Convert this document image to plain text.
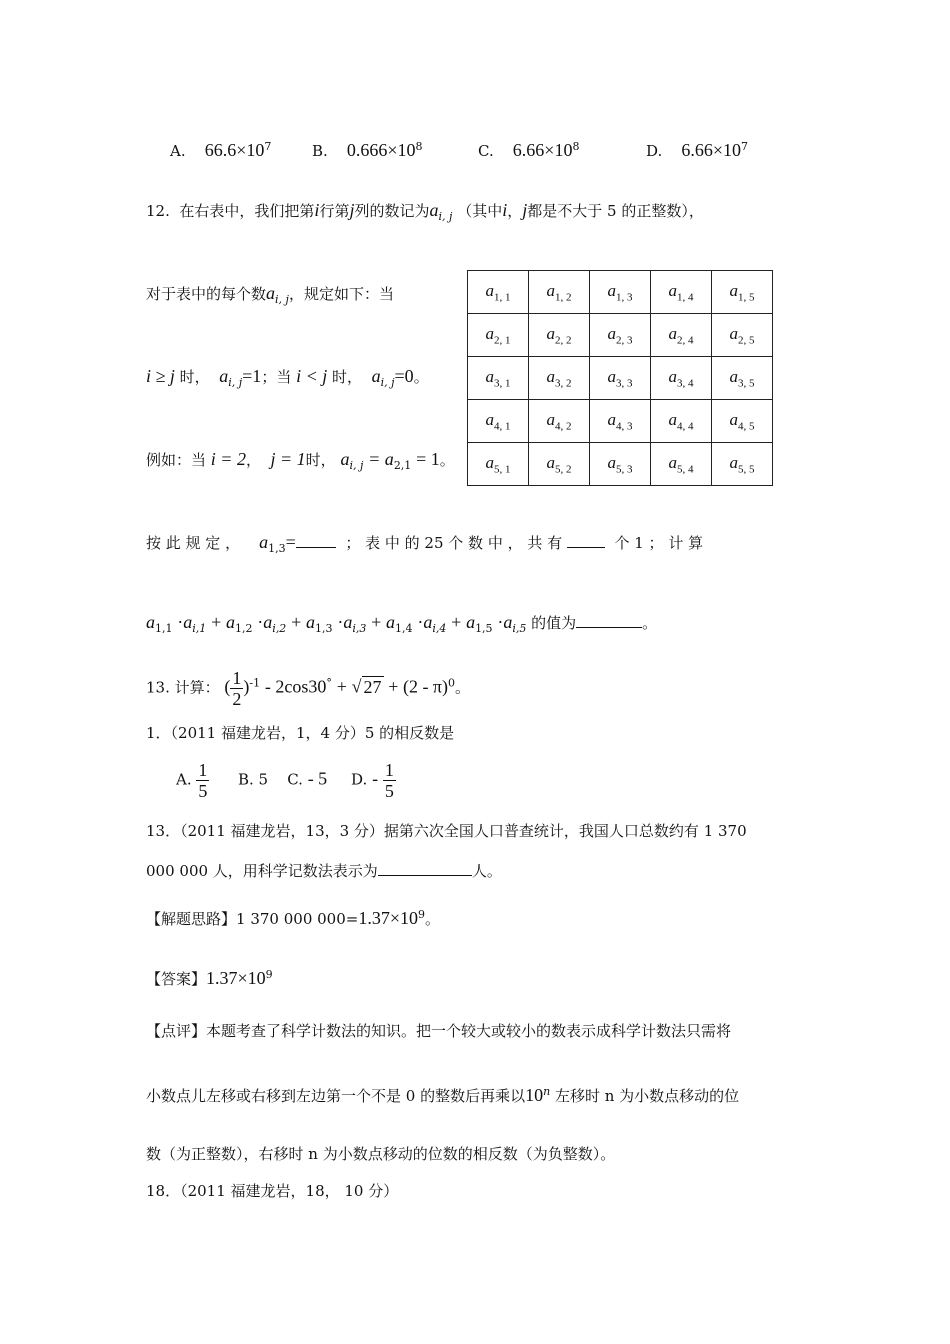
A. $66.6\times 10^7$	B. $0.666\times 10^8$	C. $6.66\times 10^8$	D. $6.66\times 10^7$
12. 在右表中，我们把第i行第j列的数记为$a_{i, j}$ （其中i，j都是不大于 5 的正整数），
对于表中的每个数$a_{i, j}$，规定如下：当
i ≥ j 时， $a_{i, j}=1$；当 i < j 时， $a_{i, j}=0$。
例如：当 i = 2，  j = 1时， $a_{i, j} = a_{2,1} = 1$。
$a_{1, 1}$	$a_{1, 2}$	$a_{1, 3}$	$a_{1, 4}$	$a_{1, 5}$
$a_{2, 1}$	$a_{2, 2}$	$a_{2, 3}$	$a_{2, 4}$	$a_{2, 5}$
$a_{3, 1}$	$a_{3, 2}$	$a_{3, 3}$	$a_{3, 4}$	$a_{3, 5}$
$a_{4, 1}$	$a_{4, 2}$	$a_{4, 3}$	$a_{4, 4}$	$a_{4, 5}$
$a_{5, 1}$	$a_{5, 2}$	$a_{5, 3}$	$a_{5, 4}$	$a_{5, 5}$
按 此 规 定 ， $a_{1,3}=$	； 表 中 的 25 个 数 中 ， 共 有	个 1 ； 计 算
$a_{1,1} \cdot a_{i,1} + a_{1,2} \cdot a_{i,2} + a_{1,3} \cdot a_{i,3} + a_{1,4} \cdot a_{i,4} + a_{1,5} \cdot a_{i,5}$ 的值为	。
13. 计算： ( $\frac{1}{2} )^{-1} - 2\cos 30^\circ$ + √ 27 + (2 - π)$^0$。
1．（2011 福建龙岩，1，4 分）5 的相反数是
A. $\frac{1}{5} B$. 5 C. - 5 D. - $\frac{1}{5}$
13．（2011 福建龙岩，13，3 分）据第六次全国人口普查统计，我国人口总数约有 1 370
000 000 人，用科学记数法表示为	人。
【解题思路】1 370 000 $000=1.37\times 10^9$。
【答案】$1.37\times 10^9$
【点评】本题考查了科学计数法的知识。把一个较大或较小的数表示成科学计数法只需将
小数点儿左移或右移到左边第一个不是 0 的整数后再乘以10$^n$ 左移时 n 为小数点移动的位
数（为正整数），右移时 n 为小数点移动的位数的相反数（为负整数）。
18．（2011 福建龙岩，18， 10 分）
